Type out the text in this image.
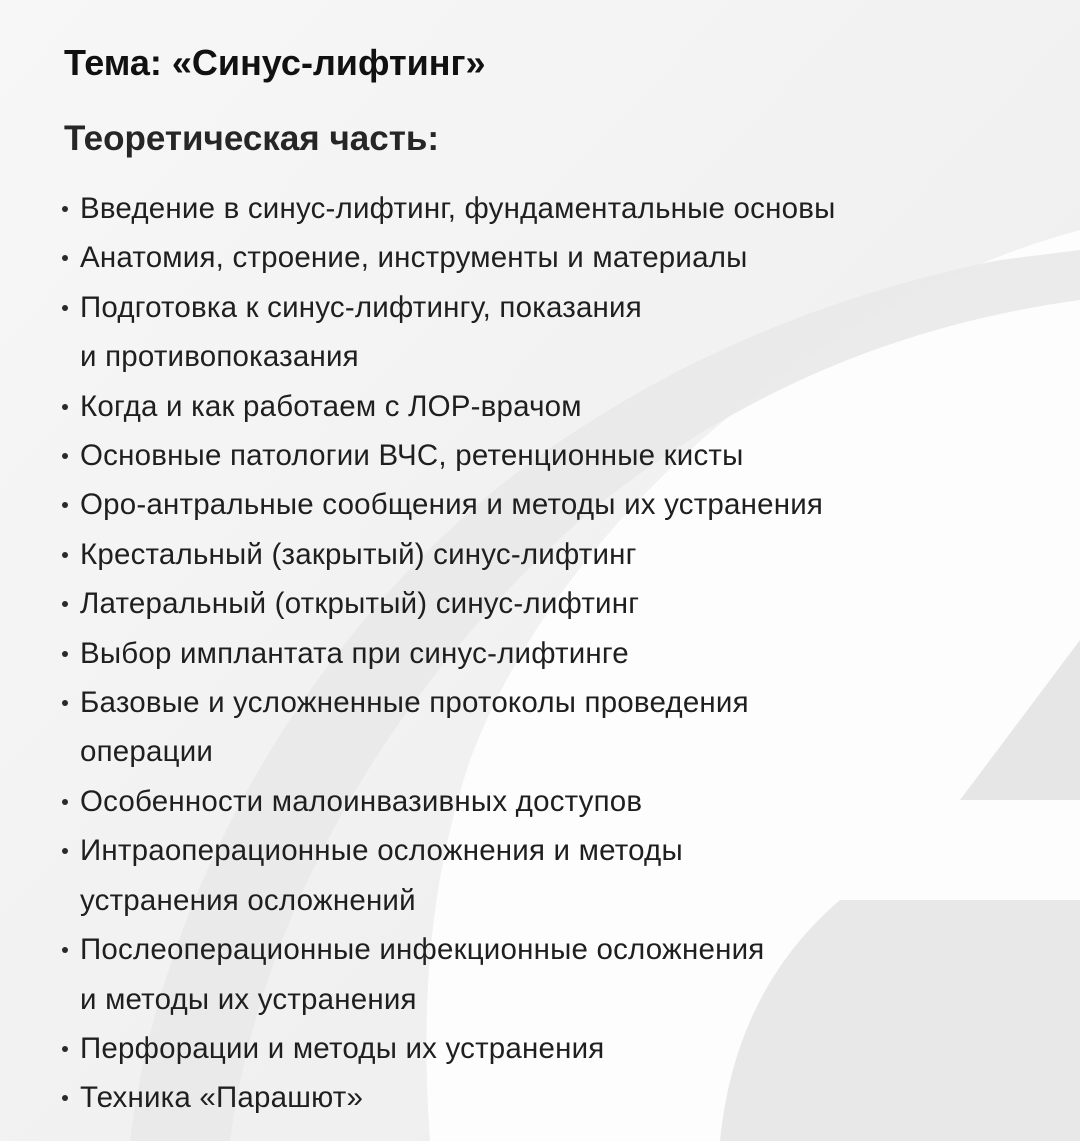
Тема: «Синус-лифтинг»
Теоретическая часть:
Введение в синус-лифтинг, фундаментальные основы
Анатомия, строение, инструменты и материалы
Подготовка к синус-лифтингу, показания
и противопоказания
Когда и как работаем с ЛОР-врачом
Основные патологии ВЧС, ретенционные кисты
Оро-антральные сообщения и методы их устранения
Крестальный (закрытый) синус-лифтинг
Латеральный (открытый) синус-лифтинг
Выбор имплантата при синус-лифтинге
Базовые и усложненные протоколы проведения
операции
Особенности малоинвазивных доступов
Интраоперационные осложнения и методы
устранения осложнений
Послеоперационные инфекционные осложнения
и методы их устранения
Перфорации и методы их устранения
Техника «Парашют»
